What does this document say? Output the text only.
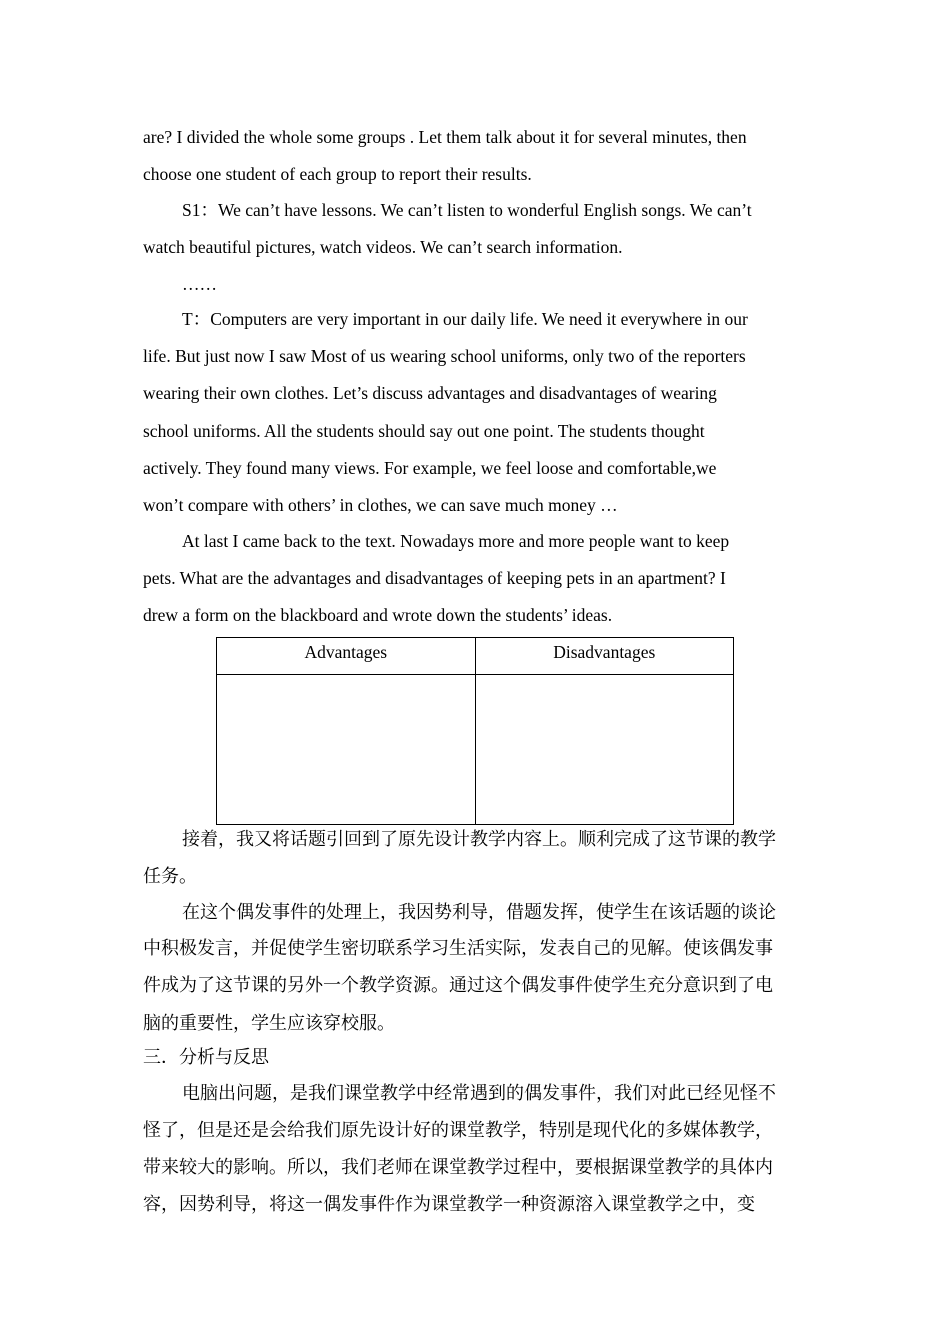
are? I divided the whole some groups . Let them talk about it for several minutes, then
choose one student of each group to report their results.
S1：We can’t have lessons. We can’t listen to wonderful English songs. We can’t
watch beautiful pictures, watch videos. We can’t search information.
……
T：Computers are very important in our daily life. We need it everywhere in our
life. But just now I saw Most of us wearing school uniforms, only two of the reporters
wearing their own clothes. Let’s discuss advantages and disadvantages of wearing
school uniforms. All the students should say out one point. The students thought
actively. They found many views. For example, we feel loose and comfortable,we
won’t compare with others’ in clothes, we can save much money …
At last I came back to the text. Nowadays more and more people want to keep
pets. What are the advantages and disadvantages of keeping pets in an apartment? I
drew a form on the blackboard and wrote down the students’ ideas.
Advantages	Disadvantages

接着，我又将话题引回到了原先设计教学内容上。顺利完成了这节课的教学
任务。
在这个偶发事件的处理上，我因势利导，借题发挥，使学生在该话题的谈论
中积极发言，并促使学生密切联系学习生活实际，发表自己的见解。使该偶发事
件成为了这节课的另外一个教学资源。通过这个偶发事件使学生充分意识到了电
脑的重要性，学生应该穿校服。
三．分析与反思
电脑出问题，是我们课堂教学中经常遇到的偶发事件，我们对此已经见怪不
怪了，但是还是会给我们原先设计好的课堂教学，特别是现代化的多媒体教学，
带来较大的影响。所以，我们老师在课堂教学过程中，要根据课堂教学的具体内
容，因势利导，将这一偶发事件作为课堂教学一种资源溶入课堂教学之中，变
